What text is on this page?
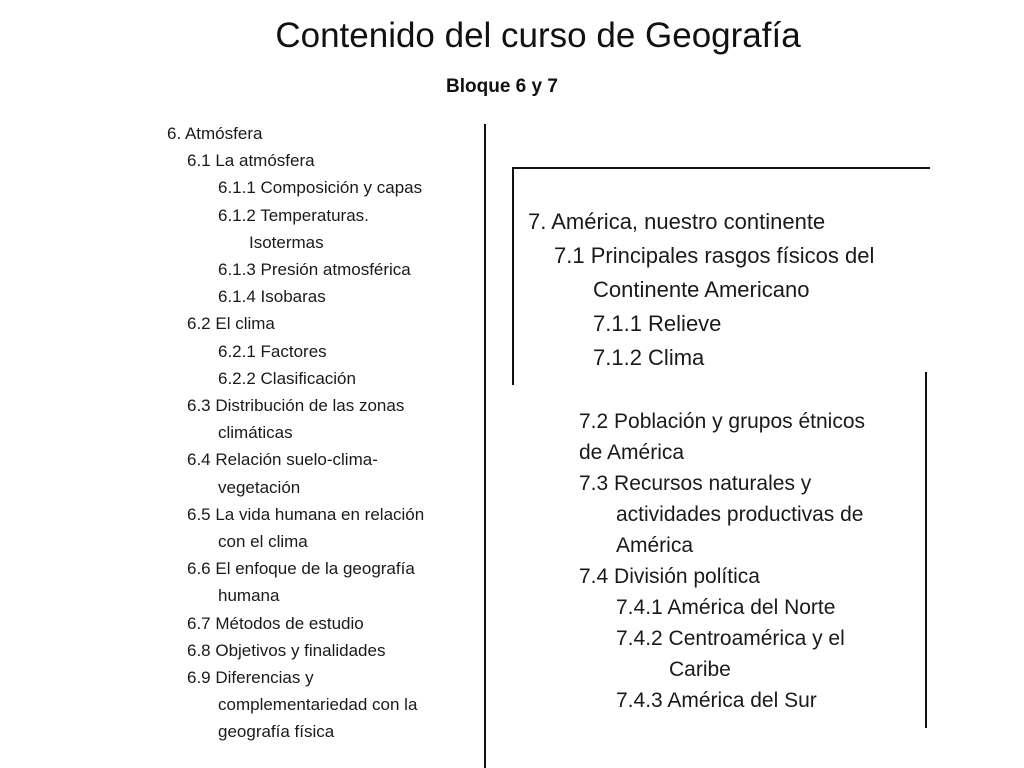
Contenido del curso de Geografía
Bloque 6 y 7
6. Atmósfera
6.1 La atmósfera
6.1.1 Composición y capas
6.1.2 Temperaturas.
Isotermas
6.1.3 Presión atmosférica
6.1.4 Isobaras
6.2 El clima
6.2.1 Factores
6.2.2 Clasificación
6.3 Distribución de las zonas
climáticas
6.4 Relación suelo-clima-
vegetación
6.5 La vida humana en relación
con el clima
6.6 El enfoque de la geografía
humana
6.7 Métodos de estudio
6.8 Objetivos y finalidades
6.9 Diferencias y
complementariedad con la
geografía física
7. América, nuestro continente
7.1 Principales rasgos físicos del
Continente Americano
7.1.1 Relieve
7.1.2 Clima
7.2 Población y grupos étnicos
de América
7.3 Recursos naturales y
actividades productivas de
América
7.4 División política
7.4.1 América del Norte
7.4.2 Centroamérica y el
Caribe
7.4.3 América del Sur
